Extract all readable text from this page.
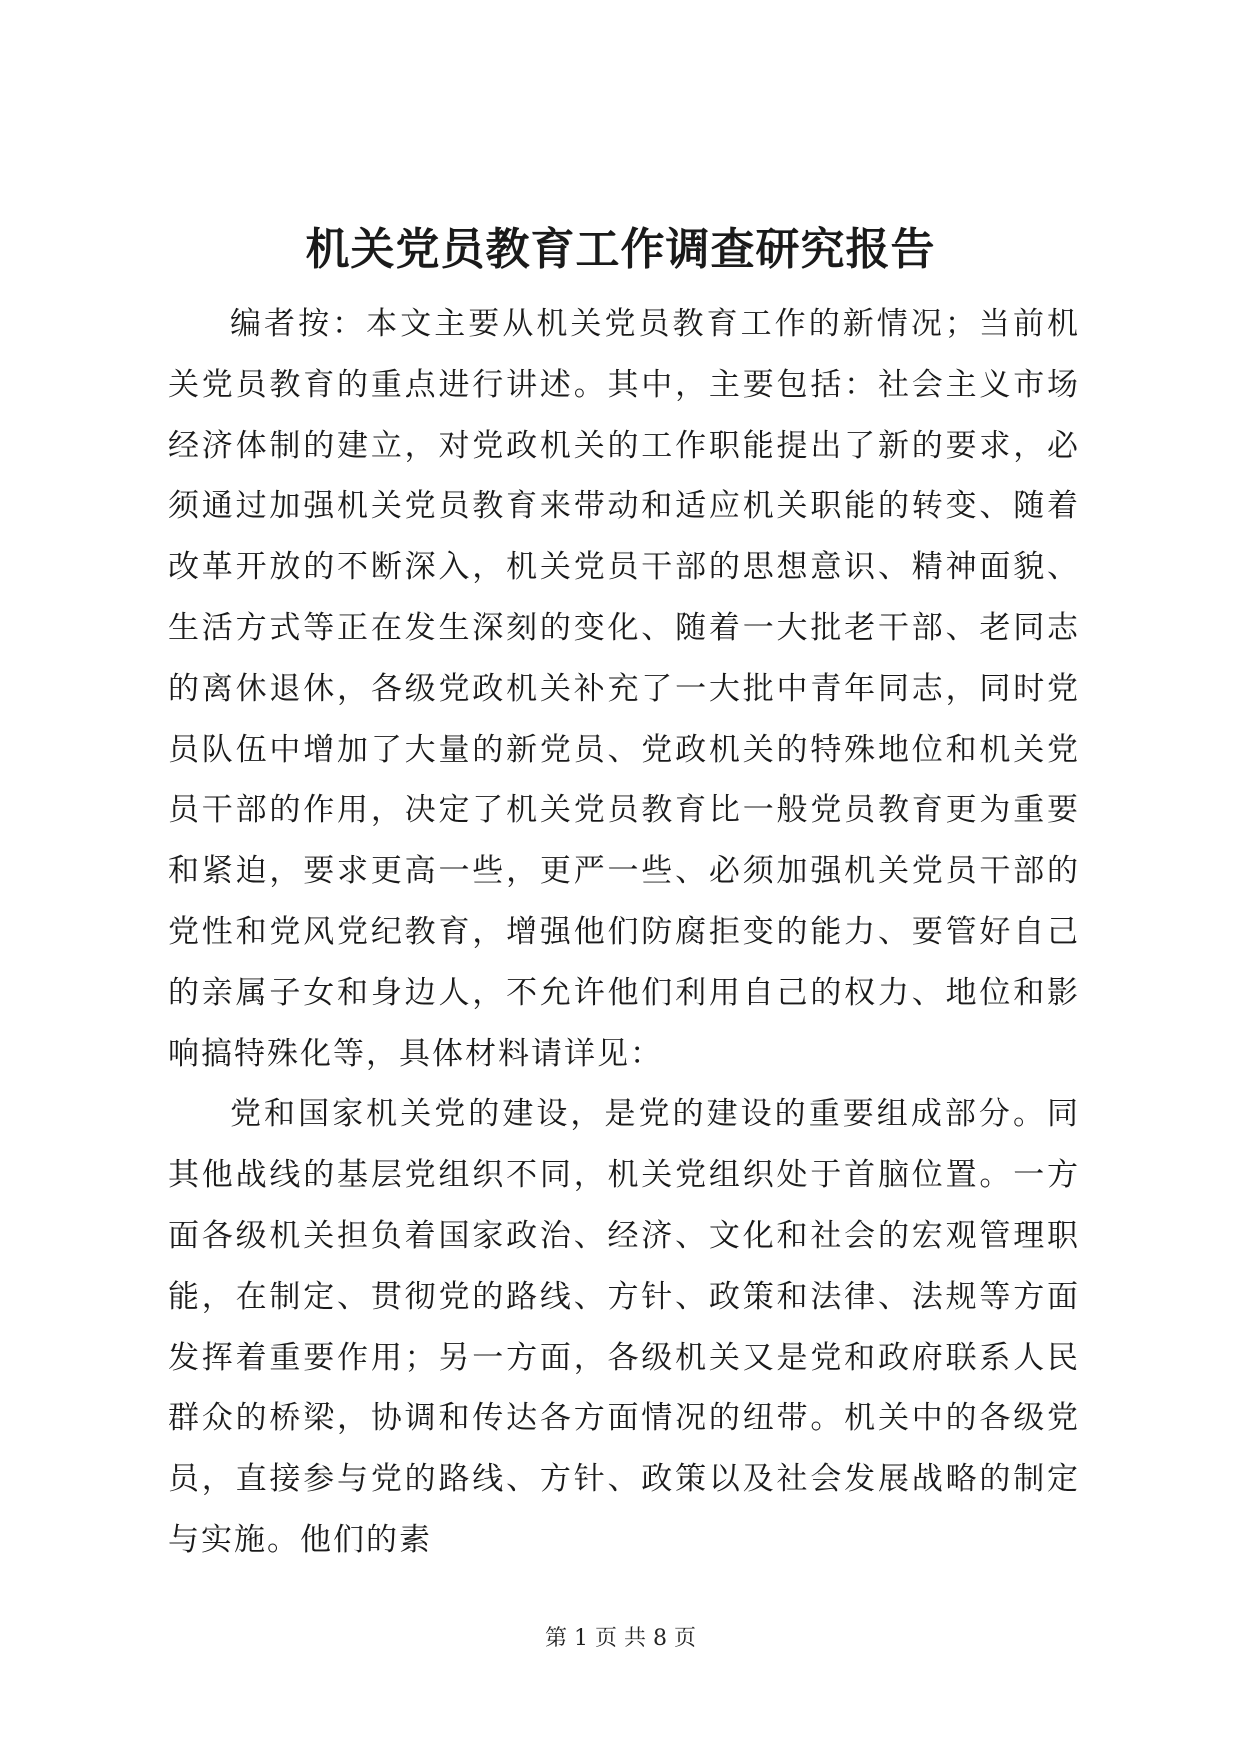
机关党员教育工作调查研究报告

编者按：本文主要从机关党员教育工作的新情况；当前机关党员教育的重点进行讲述。其中，主要包括：社会主义市场经济体制的建立，对党政机关的工作职能提出了新的要求，必须通过加强机关党员教育来带动和适应机关职能的转变、随着改革开放的不断深入，机关党员干部的思想意识、精神面貌、生活方式等正在发生深刻的变化、随着一大批老干部、老同志的离休退休，各级党政机关补充了一大批中青年同志，同时党员队伍中增加了大量的新党员、党政机关的特殊地位和机关党员干部的作用，决定了机关党员教育比一般党员教育更为重要和紧迫，要求更高一些，更严一些、必须加强机关党员干部的党性和党风党纪教育，增强他们防腐拒变的能力、要管好自己的亲属子女和身边人，不允许他们利用自己的权力、地位和影响搞特殊化等，具体材料请详见：

党和国家机关党的建设，是党的建设的重要组成部分。同其他战线的基层党组织不同，机关党组织处于首脑位置。一方面各级机关担负着国家政治、经济、文化和社会的宏观管理职能，在制定、贯彻党的路线、方针、政策和法律、法规等方面发挥着重要作用；另一方面，各级机关又是党和政府联系人民群众的桥梁，协调和传达各方面情况的纽带。机关中的各级党员，直接参与党的路线、方针、政策以及社会发展战略的制定与实施。他们的素

第 1 页 共 8 页
